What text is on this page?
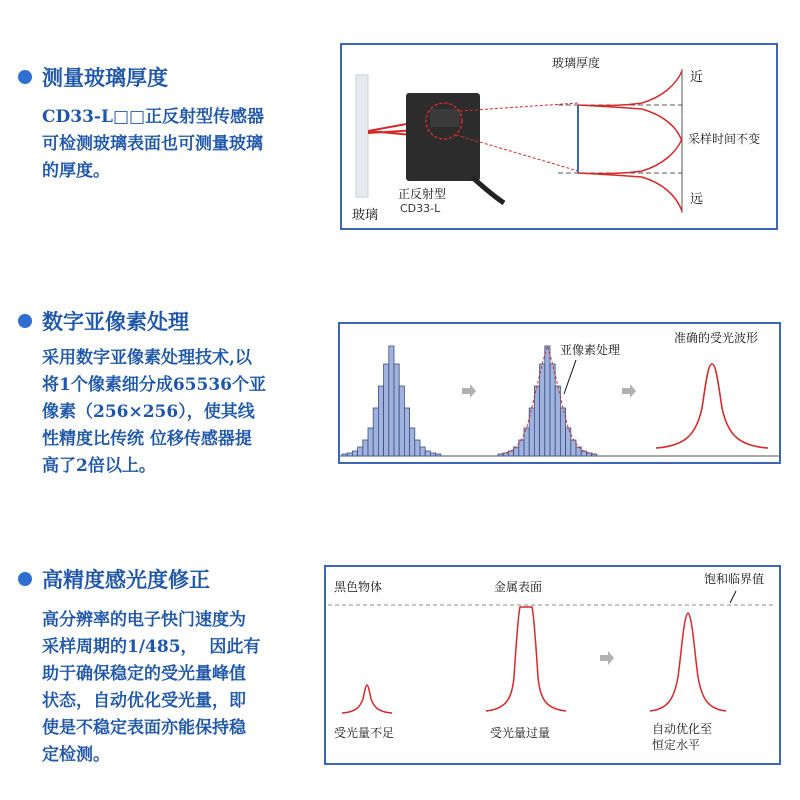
测量玻璃厚度
CD33-L□□正反射型传感器
可检测玻璃表面也可测量玻璃
的厚度。
玻璃
正反射型
CD33-L
玻璃厚度
近
采样时间不变
远
数字亚像素处理
采用数字亚像素处理技术,以
将1个像素细分成65536个亚
像素（256×256），使其线
性精度比传统 位移传感器提
高了2倍以上。
亚像素处理
准确的受光波形
高精度感光度修正
高分辨率的电子快门速度为
采样周期的1/485，  因此有
助于确保稳定的受光量峰值
状态，自动优化受光量，即
使是不稳定表面亦能保持稳
定检测。
黑色物体	金属表面
饱和临界值
受光量不足	受光量过量	自动优化至
恒定水平
